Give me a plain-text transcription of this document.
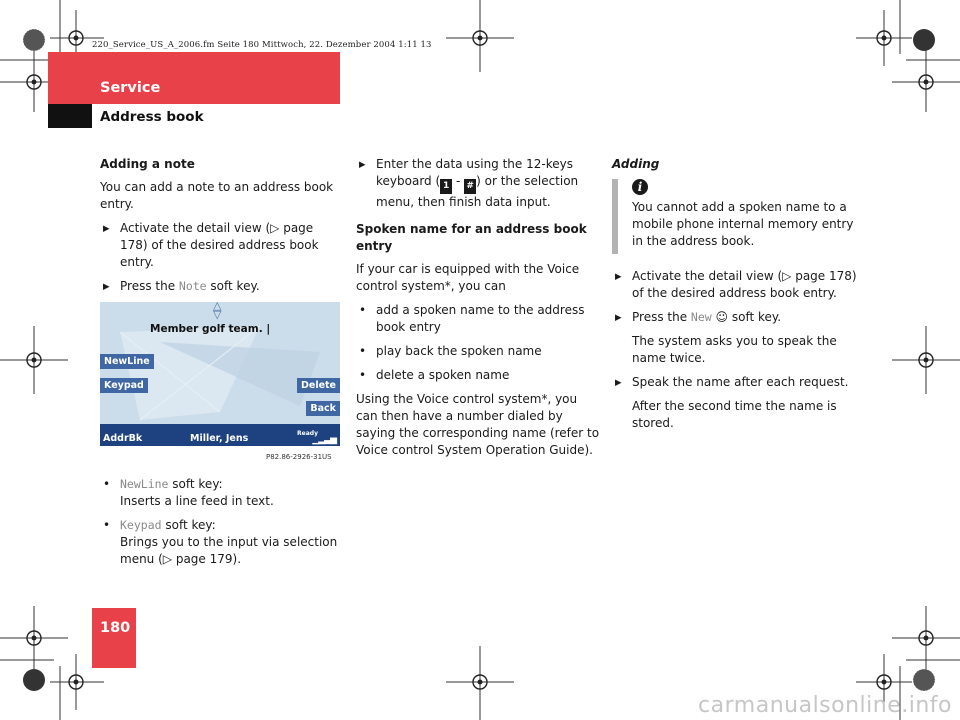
220_Service_US_A_2006.fm Seite 180 Mittwoch, 22. Dezember 2004 1:11 13
Service
Address book
Adding a note

You can add a note to an address book entry.

▶ Activate the detail view (▷ page 178) of the desired address book entry.
▶ Press the Note soft key.
△
▽
Member golf team. |
NewLine
Keypad	Delete
Back
AddrBk	Miller, Jens	Ready
▁▂▃▅
P82.86-2926-31US
• NewLine soft key:
Inserts a line feed in text.
• Keypad soft key:
Brings you to the input via selection menu (▷ page 179).
▶ Enter the data using the 12-keys keyboard ( 1 - # ) or the selection menu, then finish data input.
Spoken name for an address book entry

If your car is equipped with the Voice control system*, you can

• add a spoken name to the address book entry
• play back the spoken name
• delete a spoken name

Using the Voice control system*, you can then have a number dialed by saying the corresponding name (refer to Voice control System Operation Guide).

Adding
i
You cannot add a spoken name to a mobile phone internal memory entry in the address book.
▶ Activate the detail view (▷ page 178) of the desired address book entry.
▶ Press the New ☺ soft key.
The system asks you to speak the name twice.
▶ Speak the name after each request.
After the second time the name is stored.
180
carmanualsonline.info
